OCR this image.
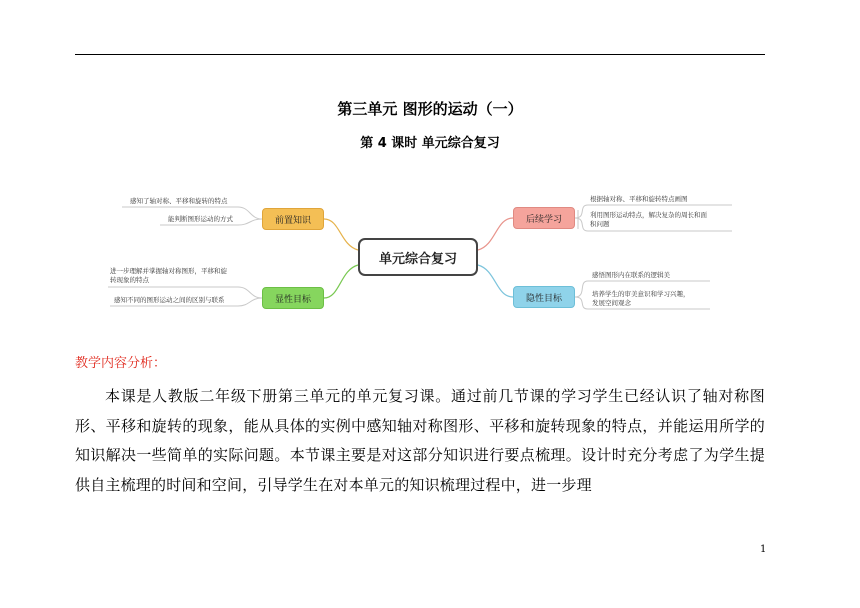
第三单元 图形的运动（一）
第 4 课时 单元综合复习
单元综合复习
前置知识	后续学习
显性目标	隐性目标
感知了轴对称、平移和旋转的特点
能判断图形运动的方式
根据轴对称、平移和旋转特点画图
利用图形运动特点，解决复杂的周长和面
积问题
进一步理解并掌握轴对称图形，平移和旋
转现象的特点
感知不同的图形运动之间的区别与联系
感悟图形内在联系的逻辑美
培养学生的审美意识和学习兴趣，
发展空间观念
教学内容分析：
本课是人教版二年级下册第三单元的单元复习课。通过前几节课的学习学生已经认识了轴对称图形、平移和旋转的现象，能从具体的实例中感知轴对称图形、平移和旋转现象的特点，并能运用所学的知识解决一些简单的实际问题。本节课主要是对这部分知识进行要点梳理。设计时充分考虑了为学生提供自主梳理的时间和空间，引导学生在对本单元的知识梳理过程中，进一步理
1
